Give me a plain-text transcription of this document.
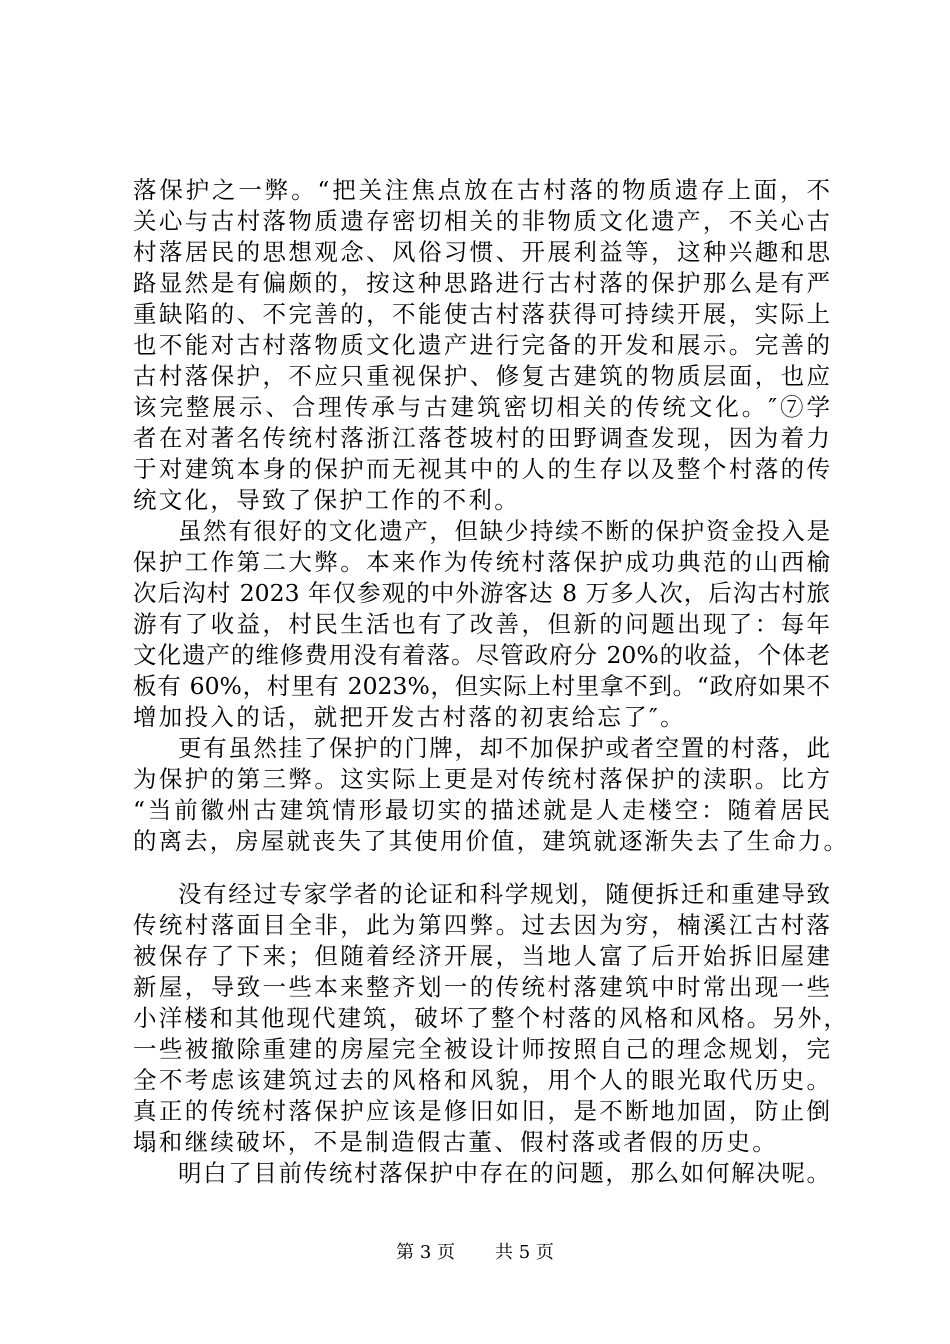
落保护之一弊。“把关注焦点放在古村落的物质遗存上面，不
关心与古村落物质遗存密切相关的非物质文化遗产，不关心古
村落居民的思想观念、风俗习惯、开展利益等，这种兴趣和思
路显然是有偏颇的，按这种思路进行古村落的保护那么是有严
重缺陷的、不完善的，不能使古村落获得可持续开展，实际上
也不能对古村落物质文化遗产进行完备的开发和展示。完善的
古村落保护，不应只重视保护、修复古建筑的物质层面，也应
该完整展示、合理传承与古建筑密切相关的传统文化。″⑦学
者在对著名传统村落浙江落苍坡村的田野调查发现，因为着力
于对建筑本身的保护而无视其中的人的生存以及整个村落的传
统文化，导致了保护工作的不利。
虽然有很好的文化遗产，但缺少持续不断的保护资金投入是
保护工作第二大弊。本来作为传统村落保护成功典范的山西榆
次后沟村 2023 年仅参观的中外游客达 8 万多人次，后沟古村旅
游有了收益，村民生活也有了改善，但新的问题出现了：每年
文化遗产的维修费用没有着落。尽管政府分 20%的收益，个体老
板有 60%，村里有 2023%，但实际上村里拿不到。“政府如果不
增加投入的话，就把开发古村落的初衷给忘了″。
更有虽然挂了保护的门牌，却不加保护或者空置的村落，此
为保护的第三弊。这实际上更是对传统村落保护的渎职。比方
“当前徽州古建筑情形最切实的描述就是人走楼空：随着居民
的离去，房屋就丧失了其使用价值，建筑就逐渐失去了生命力。
没有经过专家学者的论证和科学规划，随便拆迁和重建导致
传统村落面目全非，此为第四弊。过去因为穷，楠溪江古村落
被保存了下来；但随着经济开展，当地人富了后开始拆旧屋建
新屋，导致一些本来整齐划一的传统村落建筑中时常出现一些
小洋楼和其他现代建筑，破坏了整个村落的风格和风格。另外，
一些被撤除重建的房屋完全被设计师按照自己的理念规划，完
全不考虑该建筑过去的风格和风貌，用个人的眼光取代历史。
真正的传统村落保护应该是修旧如旧，是不断地加固，防止倒
塌和继续破坏，不是制造假古董、假村落或者假的历史。
明白了目前传统村落保护中存在的问题，那么如何解决呢。
第 3 页 共 5 页
